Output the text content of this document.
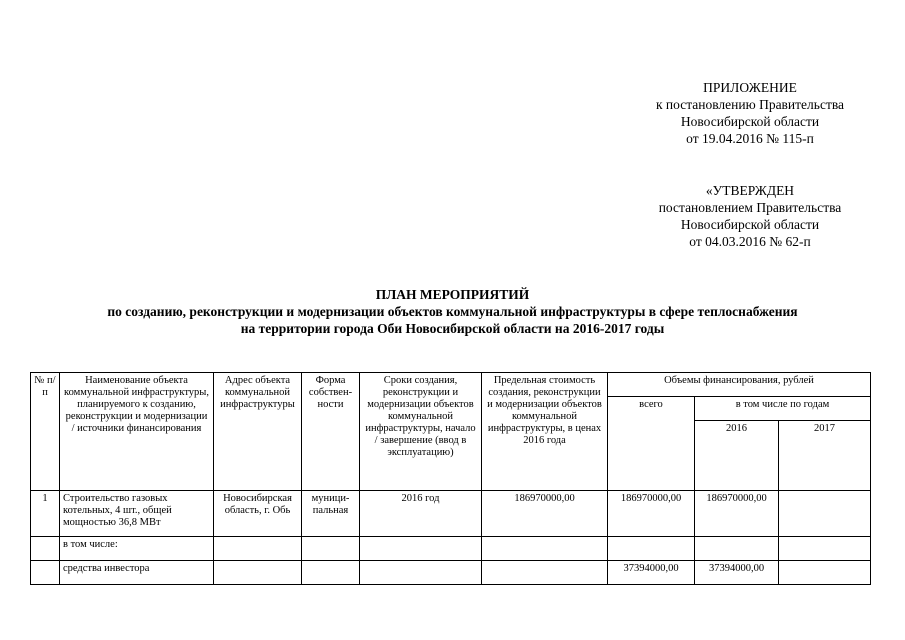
ПРИЛОЖЕНИЕ
к постановлению Правительства
Новосибирской области
от 19.04.2016 № 115-п
«УТВЕРЖДЕН
постановлением Правительства
Новосибирской области
от 04.03.2016 № 62-п
ПЛАН МЕРОПРИЯТИЙ
по созданию, реконструкции и модернизации объектов коммунальной инфраструктуры в сфере теплоснабжения
на территории города Оби Новосибирской области на 2016-2017 годы
№ п/п	Наименование объекта коммунальной инфраструктуры, планируемого к созданию, реконструкции и модернизации / источники финансирования	Адрес объекта коммунальной инфраструктуры	Форма собствен-ности	Сроки создания, реконструкции и модернизации объектов коммунальной инфраструктуры, начало / завершение (ввод в эксплуатацию)	Предельная стоимость создания, реконструкции и модернизации объектов коммунальной инфраструктуры, в ценах 2016 года	Объемы финансирования, рублей		
						всего	в том числе по годам	
							2016	2017
1	Строительство газовых котельных, 4 шт., общей мощностью 36,8 МВт	Новосибирская область, г. Обь	муници-пальная	2016 год	186970000,00	186970000,00	186970000,00	
	в том числе:							
	средства инвестора					37394000,00	37394000,00	
